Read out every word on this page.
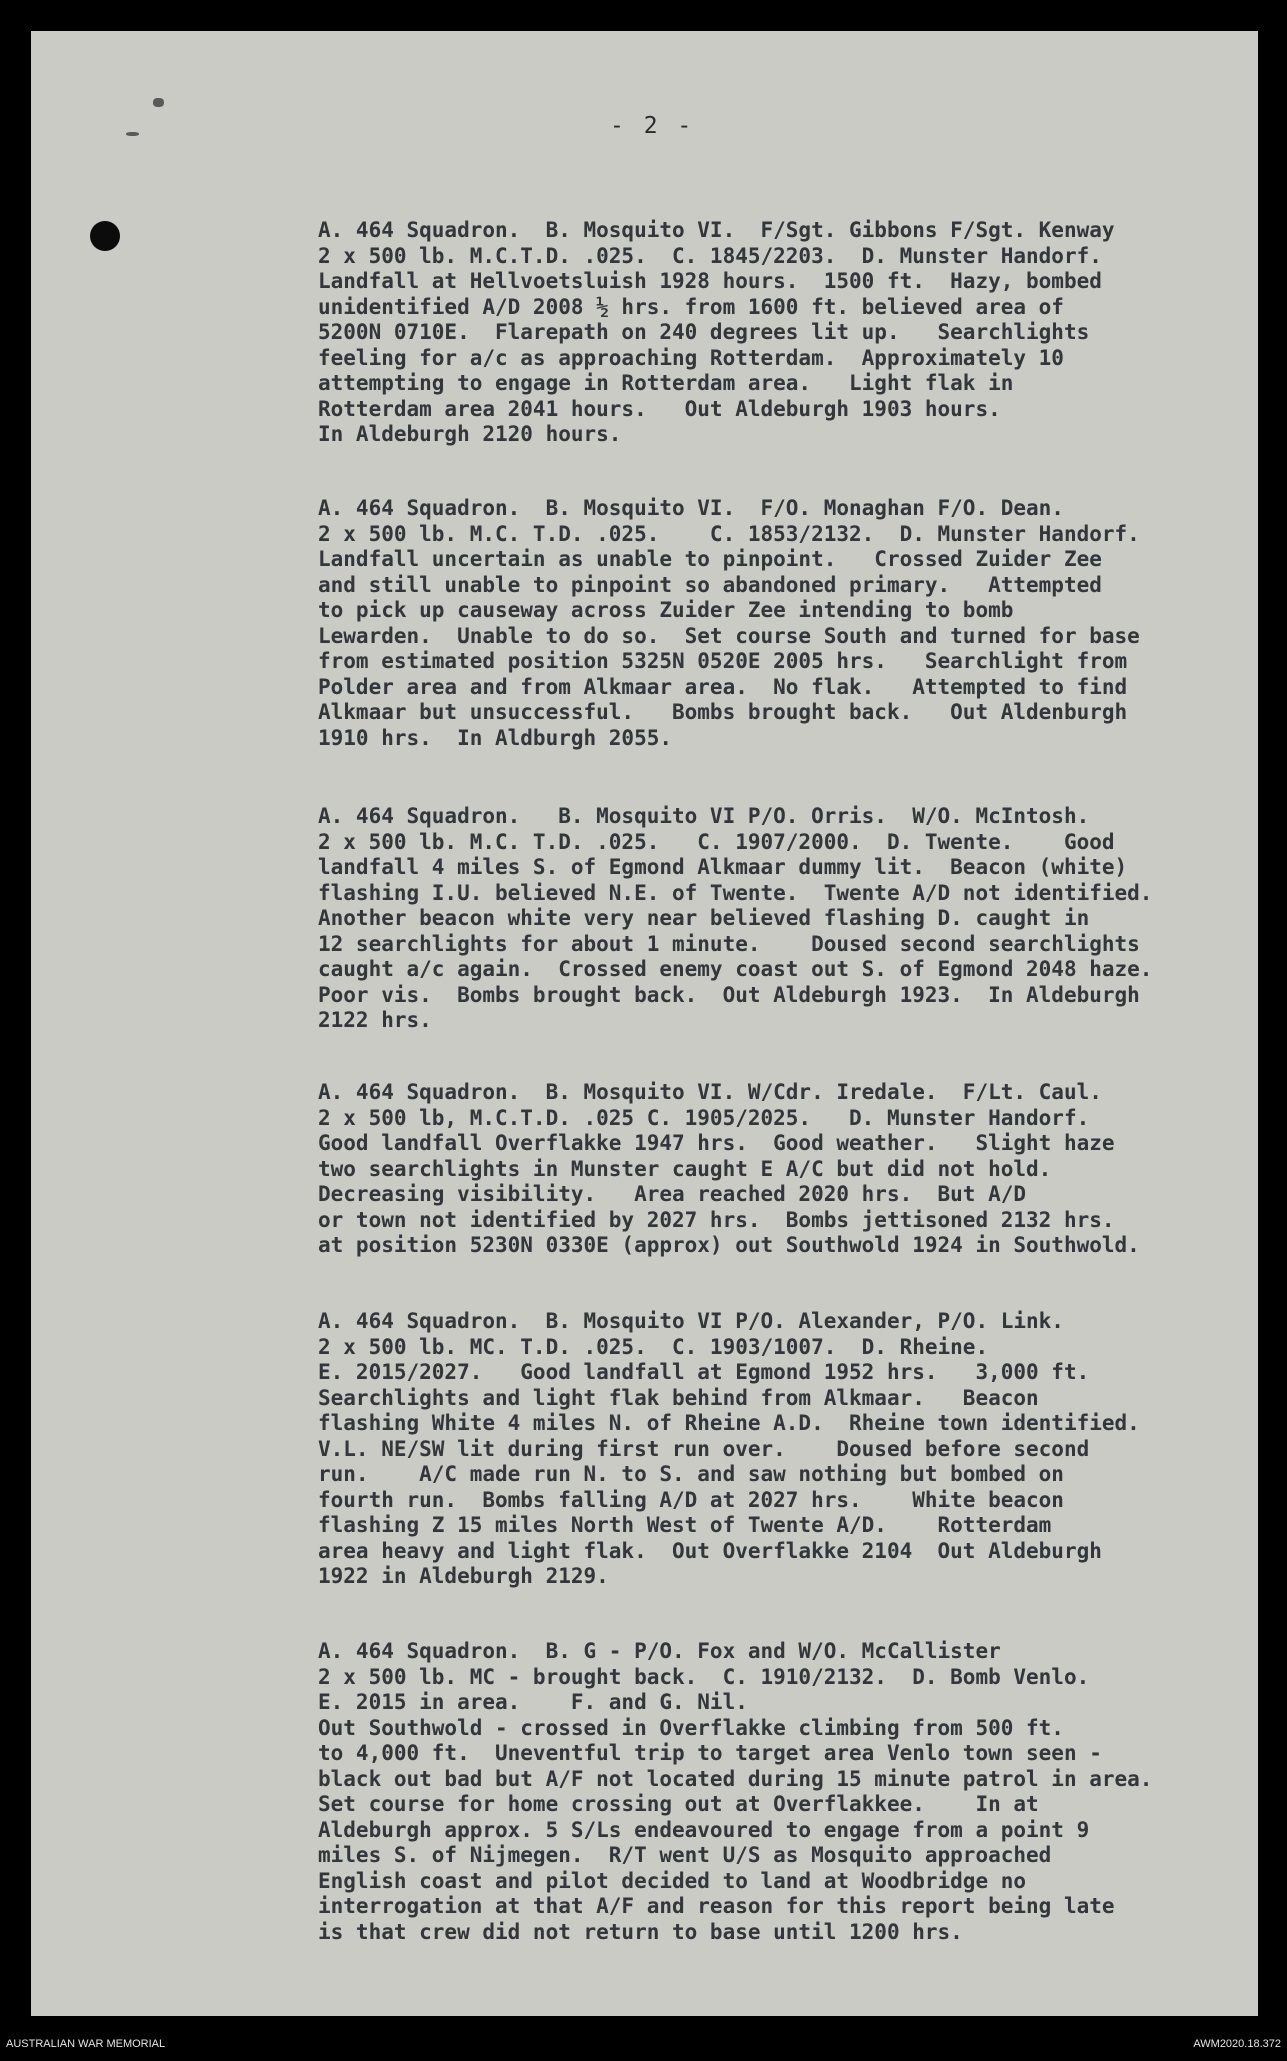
- 2 -

A. 464 Squadron.  B. Mosquito VI.  F/Sgt. Gibbons F/Sgt. Kenway
2 x 500 lb. M.C.T.D. .025.  C. 1845/2203.  D. Munster Handorf.
Landfall at Hellvoetsluish 1928 hours.  1500 ft.  Hazy, bombed
unidentified A/D 2008 ½ hrs. from 1600 ft. believed area of
5200N 0710E.  Flarepath on 240 degrees lit up.   Searchlights
feeling for a/c as approaching Rotterdam.  Approximately 10
attempting to engage in Rotterdam area.   Light flak in
Rotterdam area 2041 hours.   Out Aldeburgh 1903 hours.
In Aldeburgh 2120 hours.
A. 464 Squadron.  B. Mosquito VI.  F/O. Monaghan F/O. Dean.
2 x 500 lb. M.C. T.D. .025.    C. 1853/2132.  D. Munster Handorf.
Landfall uncertain as unable to pinpoint.   Crossed Zuider Zee
and still unable to pinpoint so abandoned primary.   Attempted
to pick up causeway across Zuider Zee intending to bomb
Lewarden.  Unable to do so.  Set course South and turned for base
from estimated position 5325N 0520E 2005 hrs.   Searchlight from
Polder area and from Alkmaar area.  No flak.   Attempted to find
Alkmaar but unsuccessful.   Bombs brought back.   Out Aldenburgh
1910 hrs.  In Aldburgh 2055.
A. 464 Squadron.   B. Mosquito VI P/O. Orris.  W/O. McIntosh.
2 x 500 lb. M.C. T.D. .025.   C. 1907/2000.  D. Twente.    Good
landfall 4 miles S. of Egmond Alkmaar dummy lit.  Beacon (white)
flashing I.U. believed N.E. of Twente.  Twente A/D not identified.
Another beacon white very near believed flashing D. caught in
12 searchlights for about 1 minute.    Doused second searchlights
caught a/c again.  Crossed enemy coast out S. of Egmond 2048 haze.
Poor vis.  Bombs brought back.  Out Aldeburgh 1923.  In Aldeburgh
2122 hrs.
A. 464 Squadron.  B. Mosquito VI. W/Cdr. Iredale.  F/Lt. Caul.
2 x 500 lb, M.C.T.D. .025 C. 1905/2025.   D. Munster Handorf.
Good landfall Overflakke 1947 hrs.  Good weather.   Slight haze
two searchlights in Munster caught E A/C but did not hold.
Decreasing visibility.   Area reached 2020 hrs.  But A/D
or town not identified by 2027 hrs.  Bombs jettisoned 2132 hrs.
at position 5230N 0330E (approx) out Southwold 1924 in Southwold.
A. 464 Squadron.  B. Mosquito VI P/O. Alexander, P/O. Link.
2 x 500 lb. MC. T.D. .025.  C. 1903/1007.  D. Rheine.
E. 2015/2027.   Good landfall at Egmond 1952 hrs.   3,000 ft.
Searchlights and light flak behind from Alkmaar.   Beacon
flashing White 4 miles N. of Rheine A.D.  Rheine town identified.
V.L. NE/SW lit during first run over.    Doused before second
run.    A/C made run N. to S. and saw nothing but bombed on
fourth run.  Bombs falling A/D at 2027 hrs.    White beacon
flashing Z 15 miles North West of Twente A/D.    Rotterdam
area heavy and light flak.  Out Overflakke 2104  Out Aldeburgh
1922 in Aldeburgh 2129.
A. 464 Squadron.  B. G - P/O. Fox and W/O. McCallister
2 x 500 lb. MC - brought back.  C. 1910/2132.  D. Bomb Venlo.
E. 2015 in area.    F. and G. Nil.
Out Southwold - crossed in Overflakke climbing from 500 ft.
to 4,000 ft.  Uneventful trip to target area Venlo town seen -
black out bad but A/F not located during 15 minute patrol in area.
Set course for home crossing out at Overflakkee.    In at
Aldeburgh approx. 5 S/Ls endeavoured to engage from a point 9
miles S. of Nijmegen.  R/T went U/S as Mosquito approached
English coast and pilot decided to land at Woodbridge no
interrogation at that A/F and reason for this report being late
is that crew did not return to base until 1200 hrs.

AUSTRALIAN WAR MEMORIAL	AWM2020.18.372
